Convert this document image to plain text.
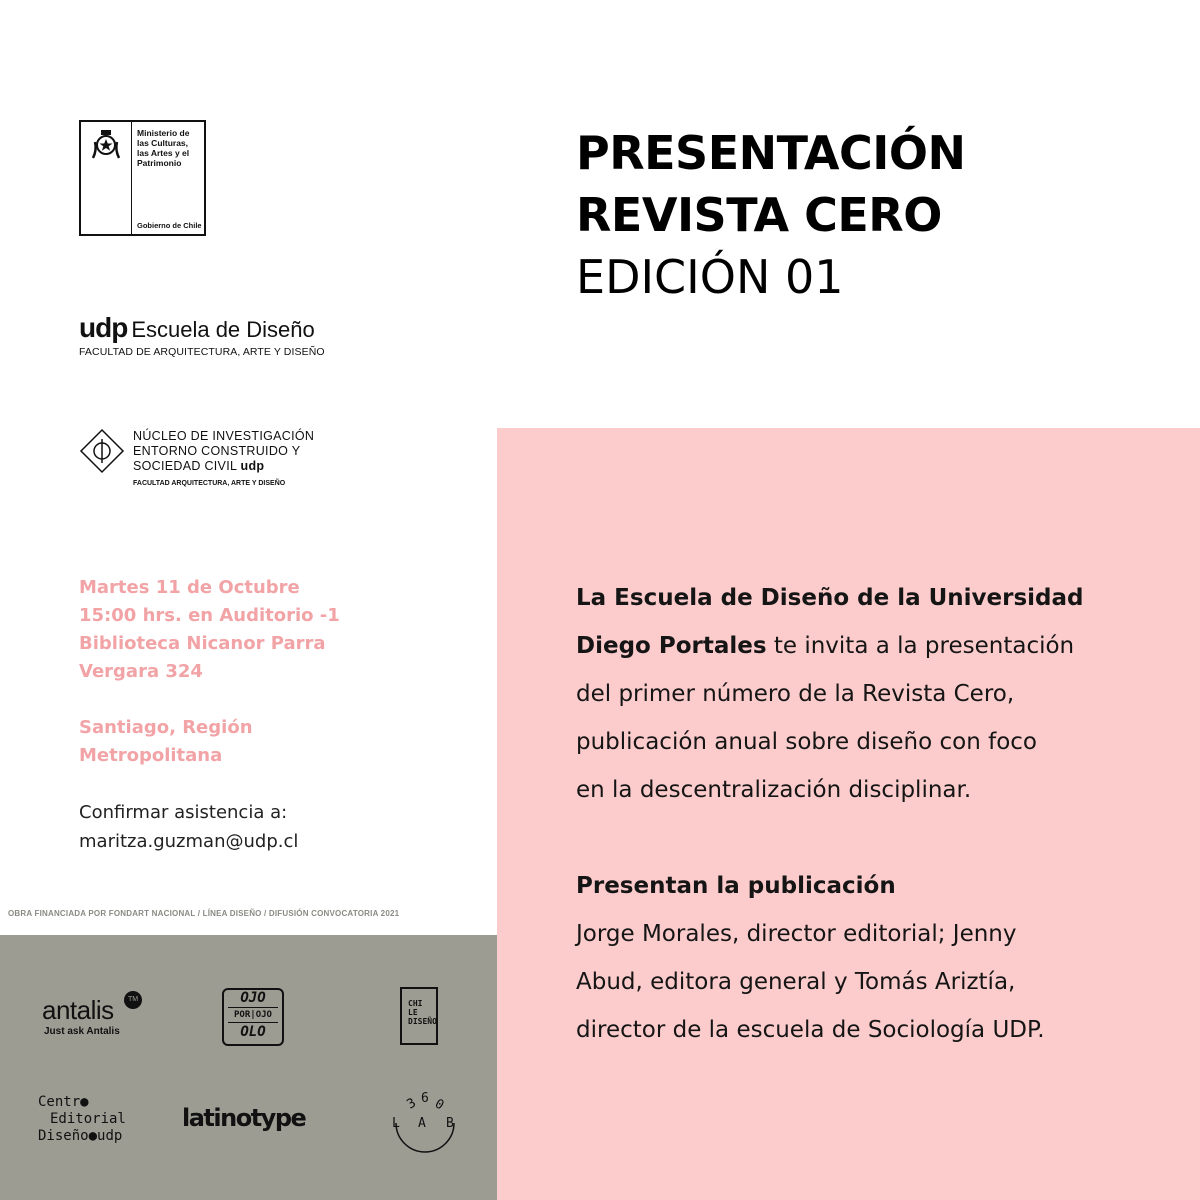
Ministerio de
las Culturas,
las Artes y el
Patrimonio
Gobierno de Chile
udp Escuela de Diseño
FACULTAD DE ARQUITECTURA, ARTE Y DISEÑO
NÚCLEO DE INVESTIGACIÓN
ENTORNO CONSTRUIDO Y
SOCIEDAD CIVIL udp
FACULTAD ARQUITECTURA, ARTE Y DISEÑO
Martes 11 de Octubre
15:00 hrs. en Auditorio -1
Biblioteca Nicanor Parra
Vergara 324
Santiago, Región
Metropolitana
Confirmar asistencia a:
maritza.guzman@udp.cl
OBRA FINANCIADA POR FONDART NACIONAL / LÍNEA DISEÑO / DIFUSIÓN CONVOCATORIA 2021
antalis
Just ask Antalis
TM	OJO
POR|OJO
OLO
CHI
LE
DISEÑO
Centr●
Editorial
Diseño●udp
latinotype	3 6 0
L A B
PRESENTACIÓN
REVISTA CERO
EDICIÓN 01

La Escuela de Diseño de la Universidad

Diego Portales te invita a la presentación

del primer número de la Revista Cero,

publicación anual sobre diseño con foco

en la descentralización disciplinar.

Presentan la publicación

Jorge Morales, director editorial; Jenny

Abud, editora general y Tomás Ariztía,

director de la escuela de Sociología UDP.
